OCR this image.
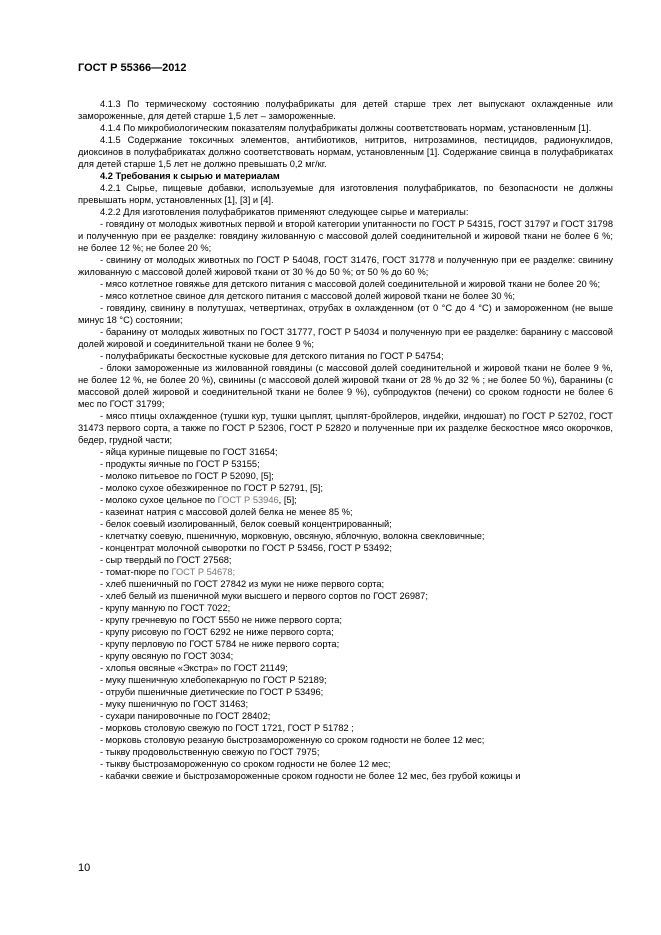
ГОСТ Р 55366—2012

4.1.3 По термическому состоянию полуфабрикаты для детей старше трех лет выпускают охлажденные или замороженные, для детей старше 1,5 лет – замороженные.

4.1.4 По микробиологическим показателям полуфабрикаты должны соответствовать нормам, установленным [1].

4.1.5 Содержание токсичных элементов, антибиотиков, нитритов, нитрозаминов, пестицидов, радионуклидов, диоксинов в полуфабрикатах должно соответствовать нормам, установленным [1]. Содержание свинца в полуфабрикатах для детей старше 1,5 лет не должно превышать 0,2 мг/кг.

4.2 Требования к сырью и материалам

4.2.1 Сырье, пищевые добавки, используемые для изготовления полуфабрикатов, по безопасности не должны превышать норм, установленных [1], [3] и [4].

4.2.2 Для изготовления полуфабрикатов применяют следующее сырье и материалы:

- говядину от молодых животных первой и второй категории упитанности по ГОСТ Р 54315, ГОСТ 31797 и ГОСТ 31798 и полученную при ее разделке: говядину жилованную с массовой долей соединительной и жировой ткани не более 6 %; не более 12 %; не более 20 %;

- свинину от молодых животных по ГОСТ Р 54048, ГОСТ 31476, ГОСТ 31778 и полученную при ее разделке: свинину жилованную с массовой долей жировой ткани от 30 % до 50 %; от 50 % до 60 %;

- мясо котлетное говяжье для детского питания с массовой долей соединительной и жировой ткани не более 20 %;

- мясо котлетное свиное для детского питания с массовой долей жировой ткани не более 30 %;

- говядину, свинину в полутушах, четвертинах, отрубах в охлажденном (от 0 °С до 4 °С) и замороженном (не выше минус 18 °С) состоянии;

- баранину от молодых животных по ГОСТ 31777, ГОСТ Р 54034 и полученную при ее разделке: баранину с массовой долей жировой и соединительной ткани не более 9 %;

- полуфабрикаты бескостные кусковые для детского питания по ГОСТ Р 54754;

- блоки замороженные из жилованной говядины (с массовой долей соединительной и жировой ткани не более 9 %, не более 12 %, не более 20 %), свинины (с массовой долей жировой ткани от 28 % до 32 % ; не более 50 %), баранины (с массовой долей жировой и соединительной ткани не более 9 %), субпродуктов (печени) со сроком годности не более 6 мес по ГОСТ 31799;

- мясо птицы охлажденное (тушки кур, тушки цыплят, цыплят-бройлеров, индейки, индюшат) по ГОСТ Р 52702, ГОСТ 31473 первого сорта, а также по ГОСТ Р 52306, ГОСТ Р 52820 и полученные при их разделке бескостное мясо окорочков, бедер, грудной части;

- яйца куриные пищевые по ГОСТ 31654;

- продукты яичные по ГОСТ Р 53155;

- молоко питьевое по ГОСТ Р 52090, [5];

- молоко сухое обезжиренное по ГОСТ Р 52791, [5];

- молоко сухое цельное по ГОСТ Р 53946, [5];

- казеинат натрия с массовой долей белка не менее 85 %;

- белок соевый изолированный, белок соевый концентрированный;

- клетчатку соевую, пшеничную, морковную, овсяную, яблочную, волокна свекловичные;

- концентрат молочной сыворотки по ГОСТ Р 53456, ГОСТ Р 53492;

- сыр твердый по ГОСТ 27568;

- томат-пюре по ГОСТ Р 54678;

- хлеб пшеничный по ГОСТ 27842 из муки не ниже первого сорта;

- хлеб белый из пшеничной муки высшего и первого сортов по ГОСТ 26987;

- крупу манную по ГОСТ 7022;

- крупу гречневую по ГОСТ 5550 не ниже первого сорта;

- крупу рисовую по ГОСТ 6292 не ниже первого сорта;

- крупу перловую по ГОСТ 5784 не ниже первого сорта;

- крупу овсяную по ГОСТ 3034;

- хлопья овсяные «Экстра» по ГОСТ 21149;

- муку пшеничную хлебопекарную по ГОСТ Р 52189;

- отруби пшеничные диетические по ГОСТ Р 53496;

- муку пшеничную по ГОСТ 31463;

- сухари панировочные по ГОСТ 28402;

- морковь столовую свежую по ГОСТ 1721, ГОСТ Р 51782 ;

- морковь столовую резаную быстрозамороженную со сроком годности не более 12 мес;

- тыкву продовольственную свежую по ГОСТ 7975;

- тыкву быстрозамороженную со сроком годности не более 12 мес;

- кабачки свежие и быстрозамороженные сроком годности не более 12 мес, без грубой кожицы и

10
